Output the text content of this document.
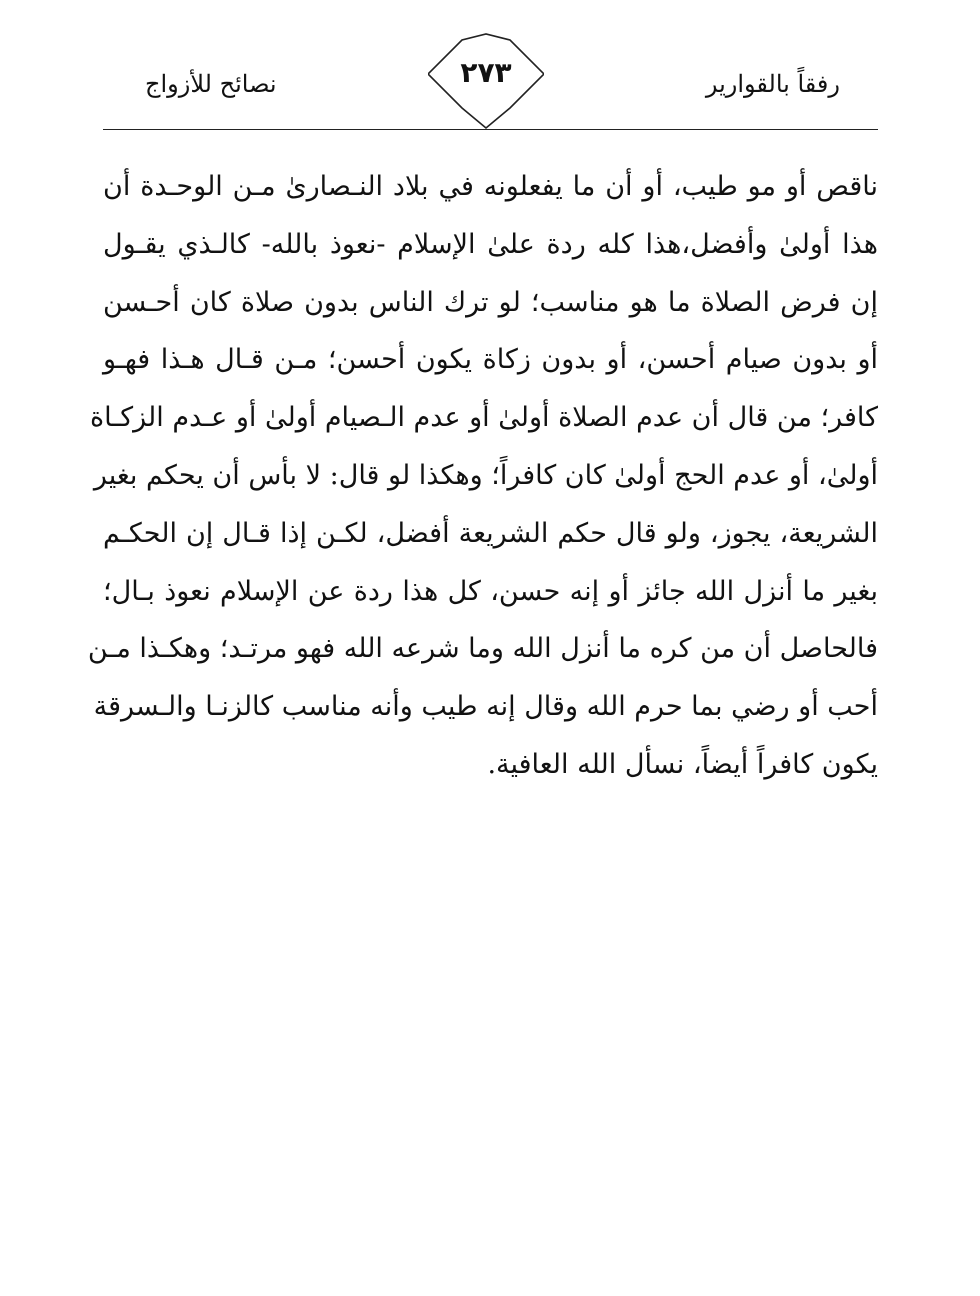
رفقاً بالقوارير
٢٧٣
نصائح للأزواج
ناقص أو مو طيب، أو أن ما يفعلونه في بلاد النـصارىٰ مـن الوحـدة أن
هذا أولىٰ وأفضل،هذا كله ردة علىٰ الإسلام -نعوذ بالله- كالـذي يقـول
إن فرض الصلاة ما هو مناسب؛ لو ترك الناس بدون صلاة كان أحـسن
أو بدون صيام أحسن، أو بدون زكاة يكون أحسن؛ مـن قـال هـذا فهـو
كافر؛ من قال أن عدم الصلاة أولىٰ أو عدم الـصيام أولىٰ أو عـدم الزكـاة
أولىٰ، أو عدم الحج أولىٰ كان كافراً؛ وهكذا لو قال: لا بأس أن يحكم بغير
الشريعة، يجوز، ولو قال حكم الشريعة أفضل، لكـن إذا قـال إن الحكـم
بغير ما أنزل الله جائز أو إنه حسن، كل هذا ردة عن الإسلام نعوذ بـال؛
فالحاصل أن من كره ما أنزل الله وما شرعه الله فهو مرتـد؛ وهكـذا مـن
أحب أو رضي بما حرم الله وقال إنه طيب وأنه مناسب كالزنـا والـسرقة
يكون كافراً أيضاً، نسأل الله العافية.
